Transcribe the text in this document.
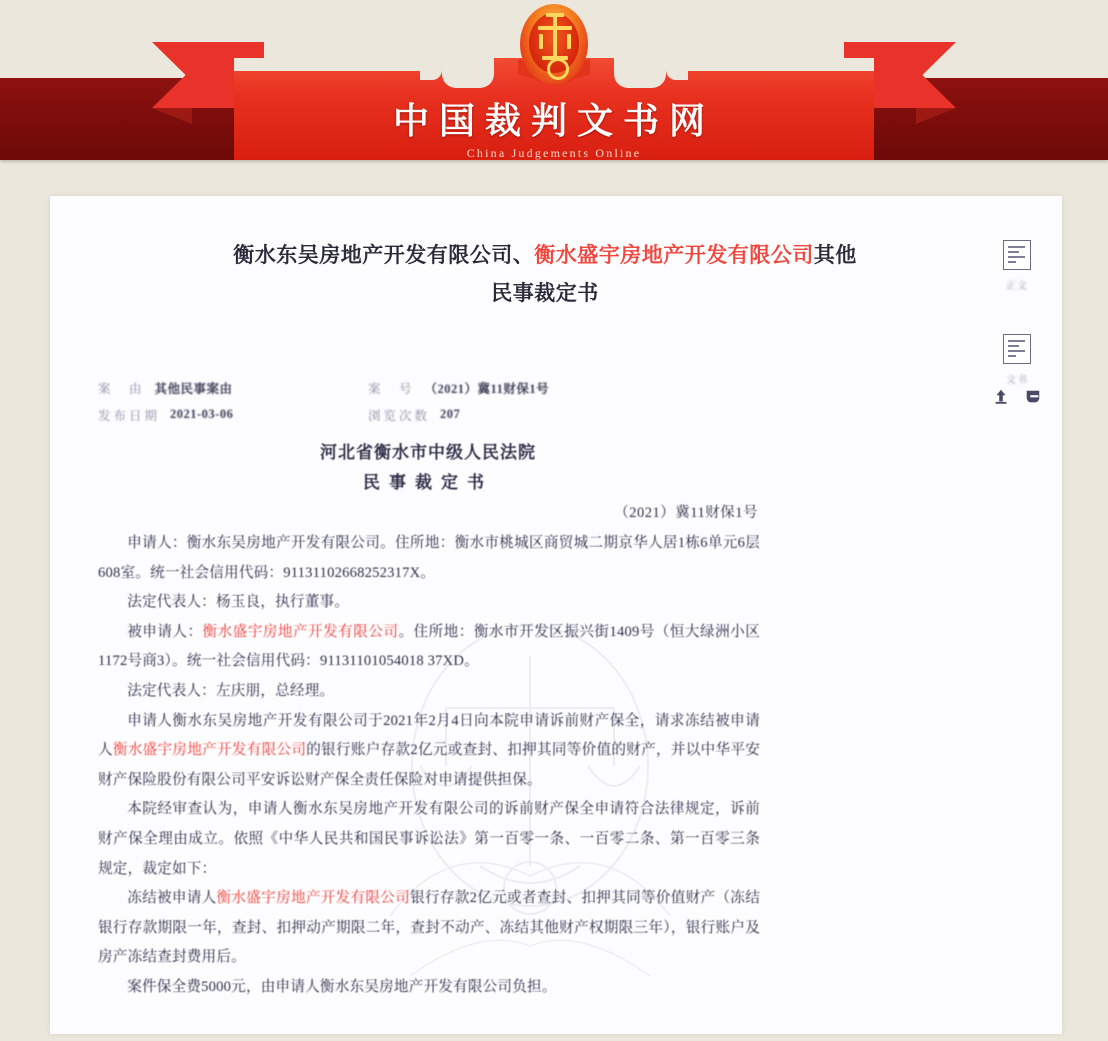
中国裁判文书网
China Judgements Online
正文
文书
衡水东吴房地产开发有限公司、衡水盛宇房地产开发有限公司其他
民事裁定书
案　由 其他民事案由	案　号 （2021）冀11财保1号
发布日期 2021-03-06	浏览次数 207
河北省衡水市中级人民法院
民事裁定书
（2021）冀11财保1号

申请人：衡水东吴房地产开发有限公司。住所地：衡水市桃城区商贸城二期京华人居1栋6单元6层608室。统一社会信用代码：91131102668252317X。

法定代表人：杨玉良，执行董事。

被申请人：衡水盛宇房地产开发有限公司。住所地：衡水市开发区振兴街1409号（恒大绿洲小区1172号商3）。统一社会信用代码：91131101054018 37XD。

法定代表人：左庆朋，总经理。

申请人衡水东吴房地产开发有限公司于2021年2月4日向本院申请诉前财产保全，请求冻结被申请人衡水盛宇房地产开发有限公司的银行账户存款2亿元或查封、扣押其同等价值的财产，并以中华平安财产保险股份有限公司平安诉讼财产保全责任保险对申请提供担保。

本院经审查认为，申请人衡水东吴房地产开发有限公司的诉前财产保全申请符合法律规定，诉前财产保全理由成立。依照《中华人民共和国民事诉讼法》第一百零一条、一百零二条、第一百零三条规定，裁定如下：

冻结被申请人衡水盛宇房地产开发有限公司银行存款2亿元或者查封、扣押其同等价值财产（冻结银行存款期限一年，查封、扣押动产期限二年，查封不动产、冻结其他财产权期限三年），银行账户及房产冻结查封费用后。

案件保全费5000元，由申请人衡水东吴房地产开发有限公司负担。
